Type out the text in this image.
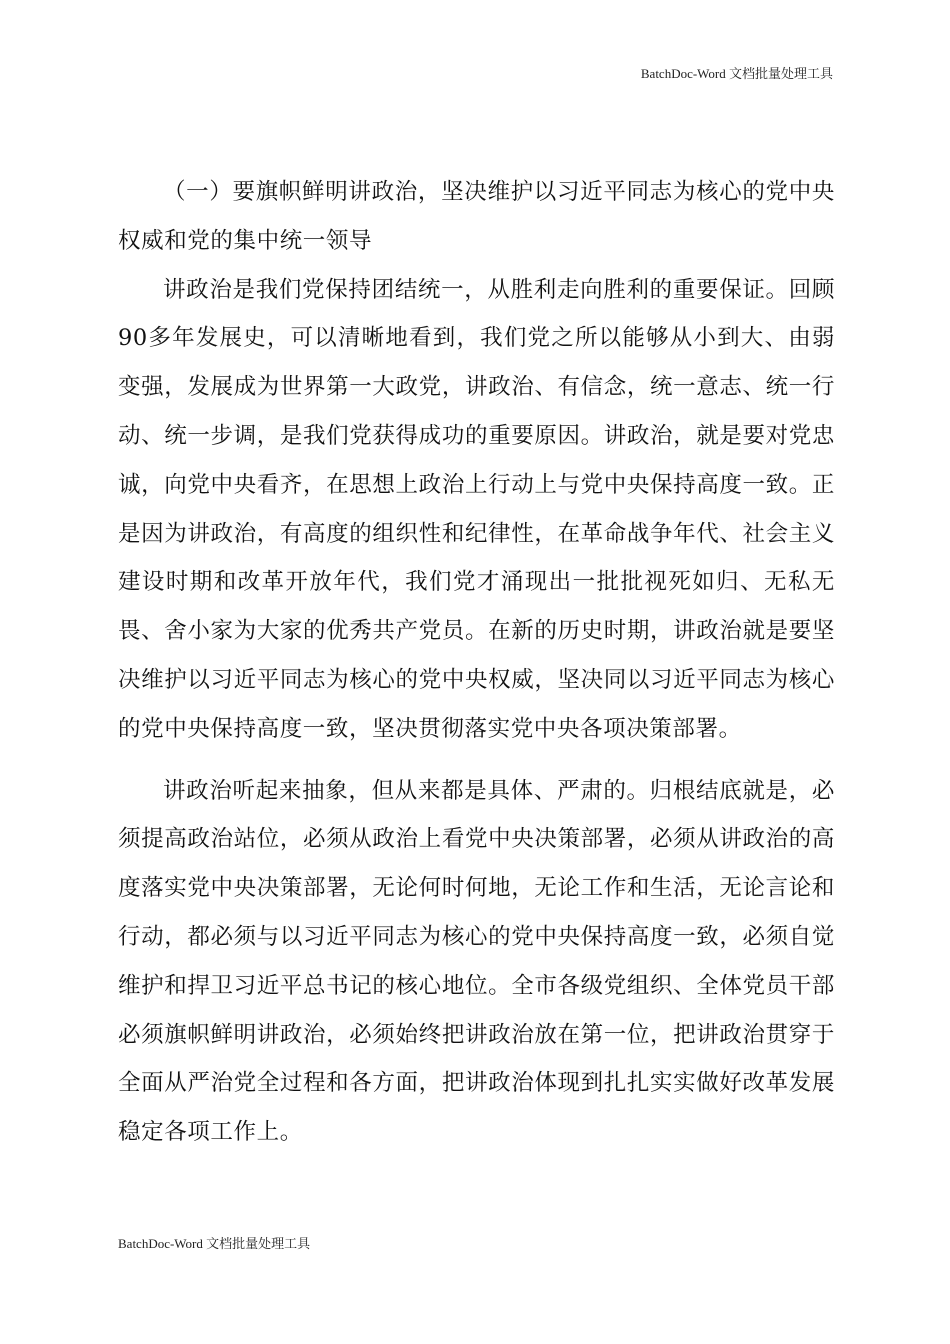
BatchDoc-Word 文档批量处理工具

（一）要旗帜鲜明讲政治，坚决维护以习近平同志为核心的党中央权威和党的集中统一领导

讲政治是我们党保持团结统一，从胜利走向胜利的重要保证。回顾90多年发展史，可以清晰地看到，我们党之所以能够从小到大、由弱变强，发展成为世界第一大政党，讲政治、有信念，统一意志、统一行动、统一步调，是我们党获得成功的重要原因。讲政治，就是要对党忠诚，向党中央看齐，在思想上政治上行动上与党中央保持高度一致。正是因为讲政治，有高度的组织性和纪律性，在革命战争年代、社会主义建设时期和改革开放年代，我们党才涌现出一批批视死如归、无私无畏、舍小家为大家的优秀共产党员。在新的历史时期，讲政治就是要坚决维护以习近平同志为核心的党中央权威，坚决同以习近平同志为核心的党中央保持高度一致，坚决贯彻落实党中央各项决策部署。

讲政治听起来抽象，但从来都是具体、严肃的。归根结底就是，必须提高政治站位，必须从政治上看党中央决策部署，必须从讲政治的高度落实党中央决策部署，无论何时何地，无论工作和生活，无论言论和行动，都必须与以习近平同志为核心的党中央保持高度一致，必须自觉维护和捍卫习近平总书记的核心地位。全市各级党组织、全体党员干部必须旗帜鲜明讲政治，必须始终把讲政治放在第一位，把讲政治贯穿于全面从严治党全过程和各方面，把讲政治体现到扎扎实实做好改革发展稳定各项工作上。

BatchDoc-Word 文档批量处理工具
